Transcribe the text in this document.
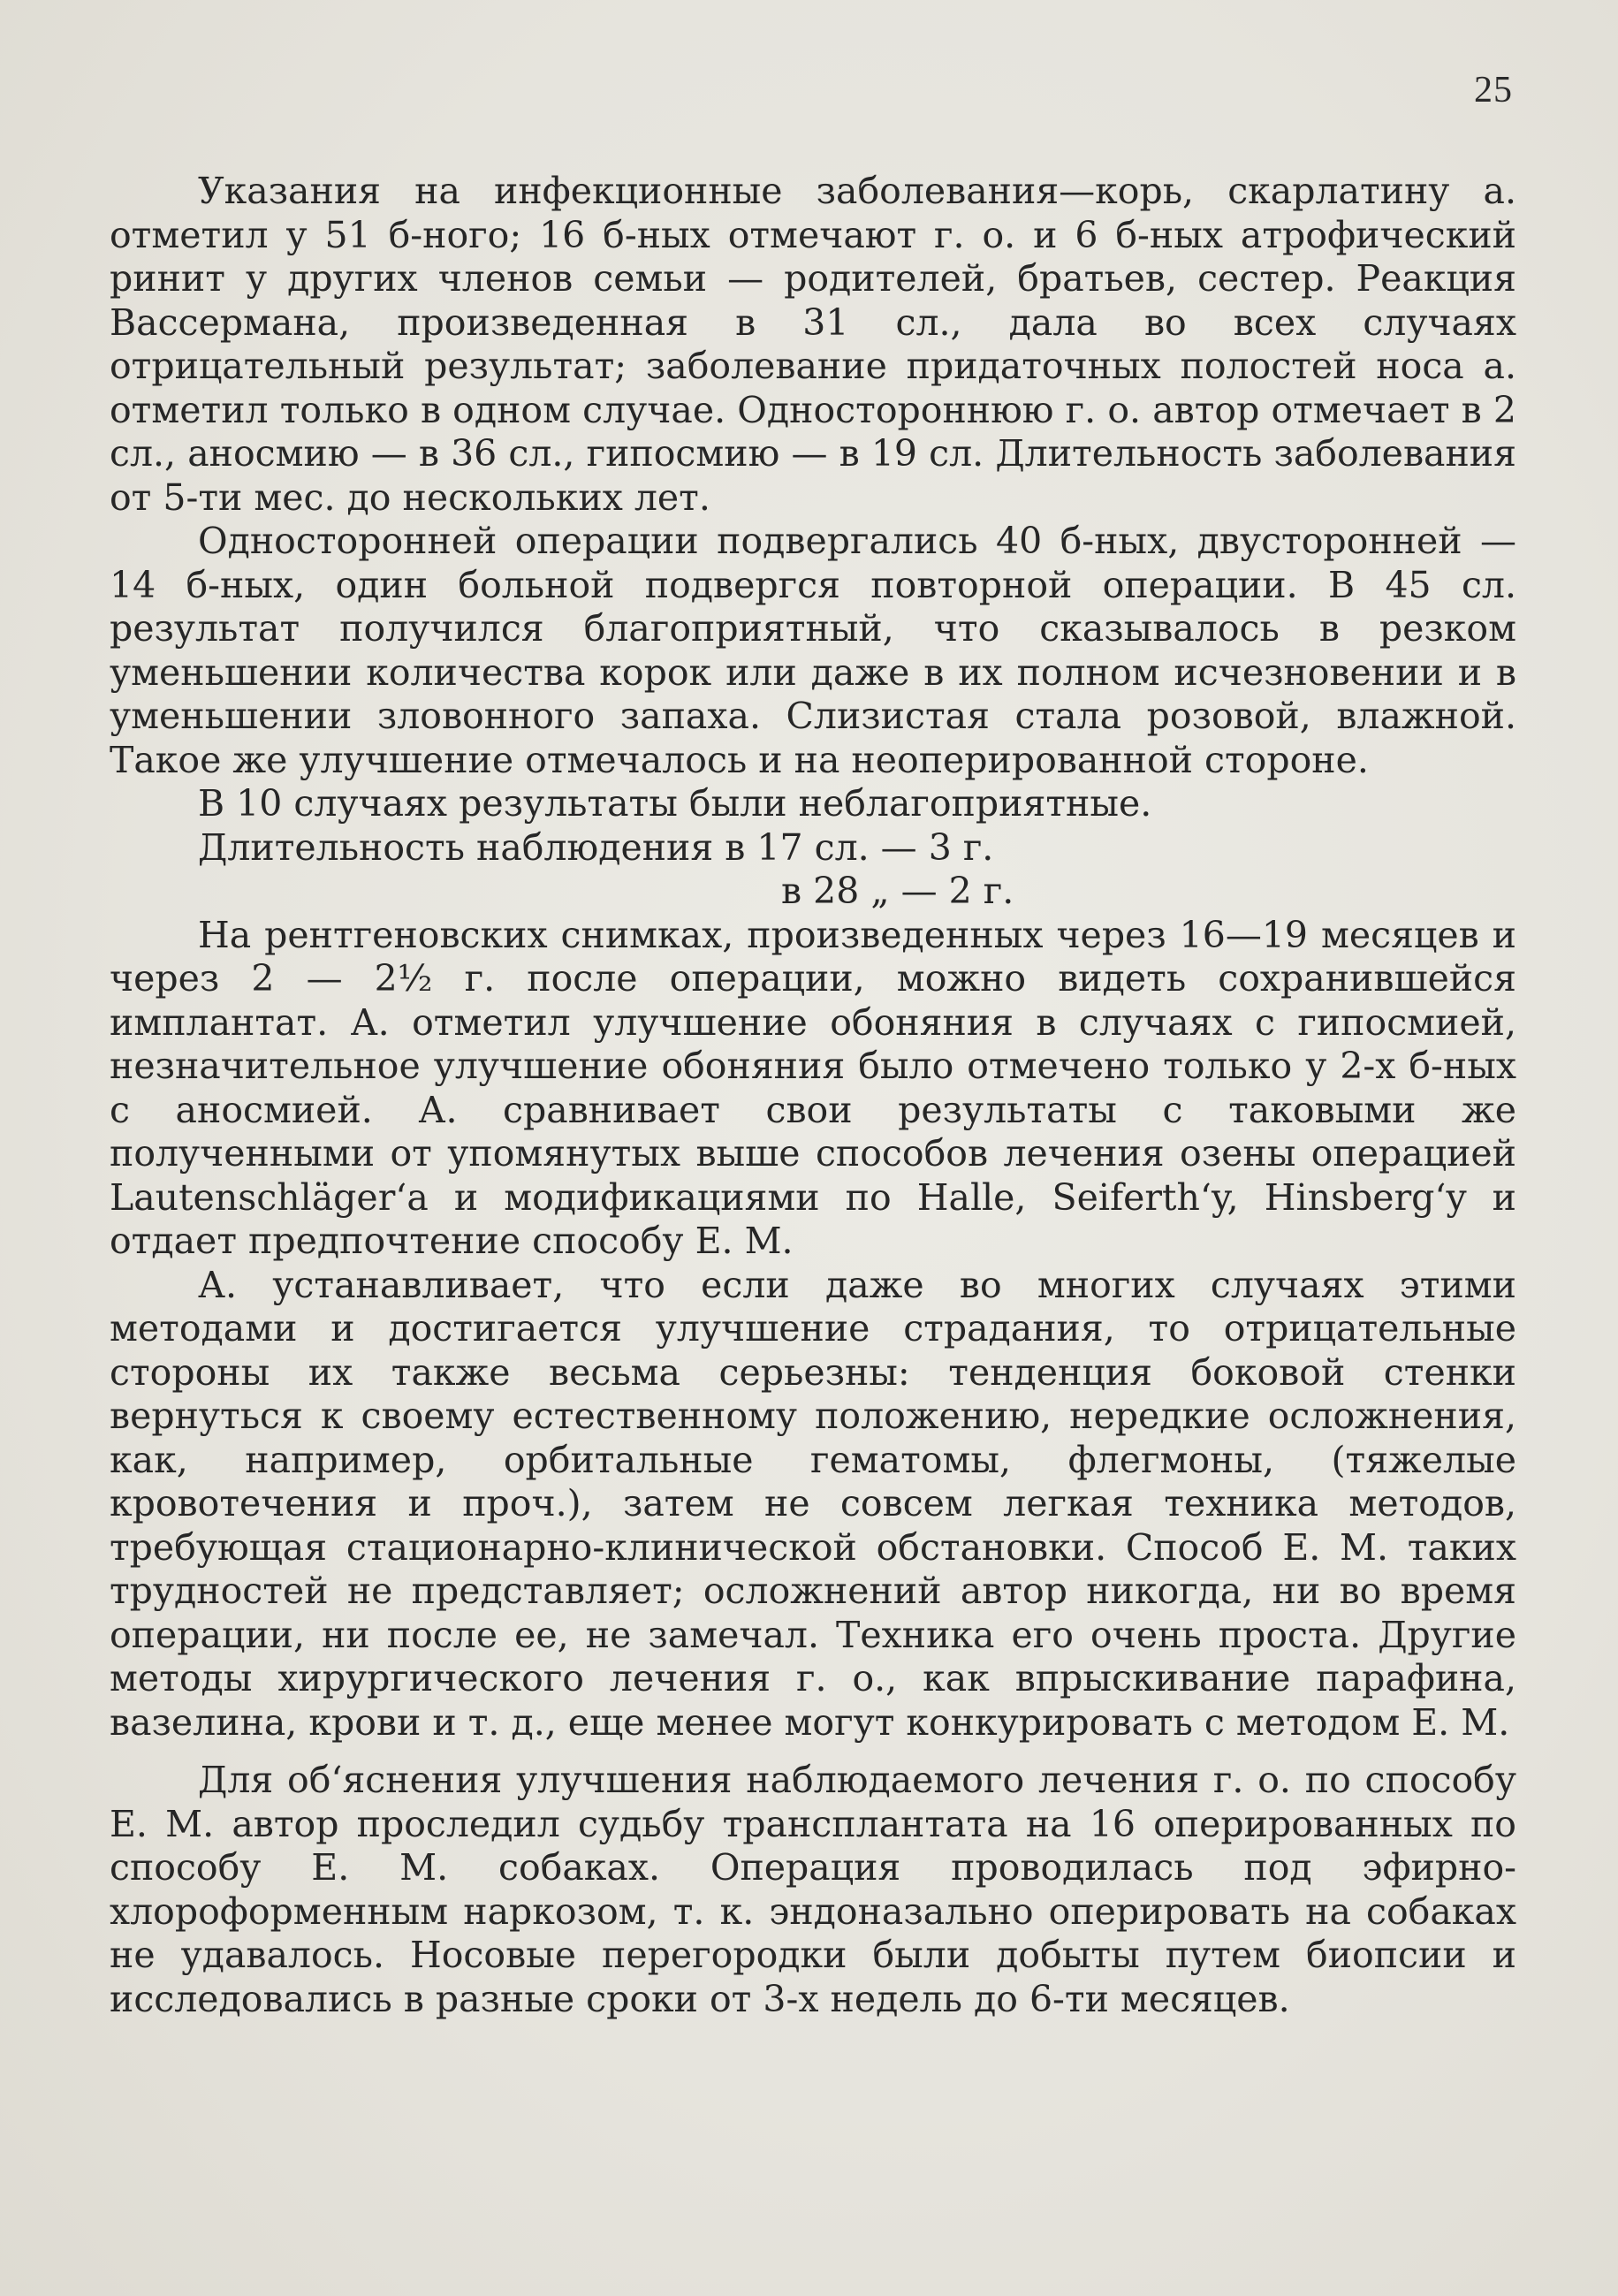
25

Указания на инфекционные заболевания—корь, скарлатину а. отметил у 51 б-ного; 16 б-ных отмечают г. о. и 6 б-ных атрофический ринит у других членов семьи — родителей, братьев, сестер. Реакция Вассермана, произведенная в 31 сл., дала во всех случаях отрицательный результат; заболевание придаточных полостей носа а. отметил только в одном случае. Одностороннюю г. о. автор отмечает в 2 сл., аносмию — в 36 сл., гипосмию — в 19 сл. Длительность заболевания от 5-ти мес. до нескольких лет.

Односторонней операции подвергались 40 б-ных, двусторонней — 14 б-ных, один больной подвергся повторной операции. В 45 сл. результат получился благоприятный, что сказывалось в резком уменьшении количества корок или даже в их полном исчезновении и в уменьшении зловонного запаха. Слизистая стала розовой, влажной. Такое же улучшение отмечалось и на неоперированной стороне.

В 10 случаях результаты были неблагоприятные.

Длительность наблюдения в 17 сл. — 3 г.

в 28 „ — 2 г.

На рентгеновских снимках, произведенных через 16—19 месяцев и через 2 — 2½ г. после операции, можно видеть сохранившейся имплантат. А. отметил улучшение обоняния в случаях с гипосмией, незначительное улучшение обоняния было отмечено только у 2-х б-ных с аносмией. А. сравнивает свои результаты с таковыми же полученными от упомянутых выше способов лечения озены операцией Lautenschläger‘a и модификациями по Halle, Seiferth‘y, Hinsberg‘y и отдает предпочтение способу Е. М.

А. устанавливает, что если даже во многих случаях этими методами и достигается улучшение страдания, то отрицательные стороны их также весьма серьезны: тенденция боковой стенки вернуться к своему естественному положению, нередкие осложнения, как, например, орбитальные гематомы, флегмоны, (тяжелые кровотечения и проч.), затем не совсем легкая техника методов, требующая стационарно-клинической обстановки. Способ Е. М. таких трудностей не представляет; осложнений автор никогда, ни во время операции, ни после ее, не замечал. Техника его очень проста. Другие методы хирургического лечения г. о., как впрыскивание парафина, вазелина, крови и т. д., еще менее могут конкурировать с методом Е. М.

Для об‘яснения улучшения наблюдаемого лечения г. о. по способу Е. М. автор проследил судьбу трансплантата на 16 оперированных по способу Е. М. собаках. Операция проводилась под эфирно-хлороформенным наркозом, т. к. эндоназально оперировать на собаках не удавалось. Носовые перегородки были добыты путем биопсии и исследовались в разные сроки от 3-х недель до 6-ти месяцев.
